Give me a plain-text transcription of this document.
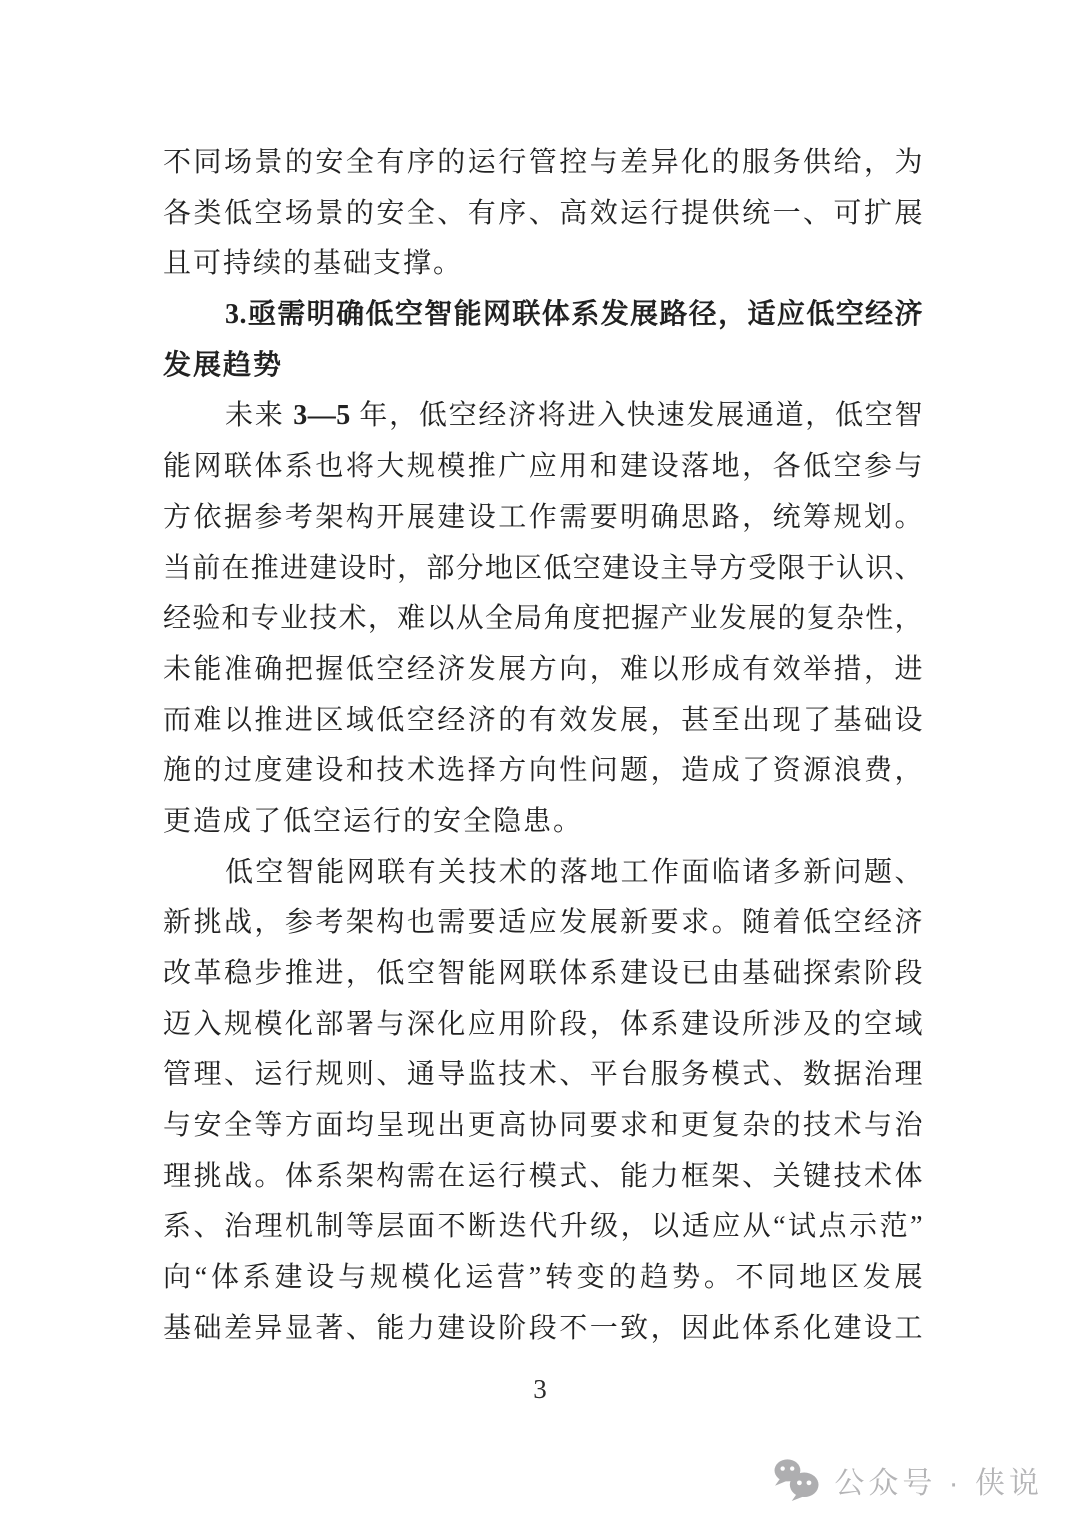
不同场景的安全有序的运行管控与差异化的服务供给，为
各类低空场景的安全、有序、高效运行提供统一、可扩展
且可持续的基础支撑。
3.亟需明确低空智能网联体系发展路径，适应低空经济
发展趋势
未来 3—5 年，低空经济将进入快速发展通道，低空智
能网联体系也将大规模推广应用和建设落地，各低空参与
方依据参考架构开展建设工作需要明确思路，统筹规划。
当前在推进建设时，部分地区低空建设主导方受限于认识、
经验和专业技术，难以从全局角度把握产业发展的复杂性，
未能准确把握低空经济发展方向，难以形成有效举措，进
而难以推进区域低空经济的有效发展，甚至出现了基础设
施的过度建设和技术选择方向性问题，造成了资源浪费，
更造成了低空运行的安全隐患。
低空智能网联有关技术的落地工作面临诸多新问题、
新挑战，参考架构也需要适应发展新要求。随着低空经济
改革稳步推进，低空智能网联体系建设已由基础探索阶段
迈入规模化部署与深化应用阶段，体系建设所涉及的空域
管理、运行规则、通导监技术、平台服务模式、数据治理
与安全等方面均呈现出更高协同要求和更复杂的技术与治
理挑战。体系架构需在运行模式、能力框架、关键技术体
系、治理机制等层面不断迭代升级，以适应从“试点示范”
向“体系建设与规模化运营”转变的趋势。不同地区发展
基础差异显著、能力建设阶段不一致，因此体系化建设工
3
公众号 · 侠说
